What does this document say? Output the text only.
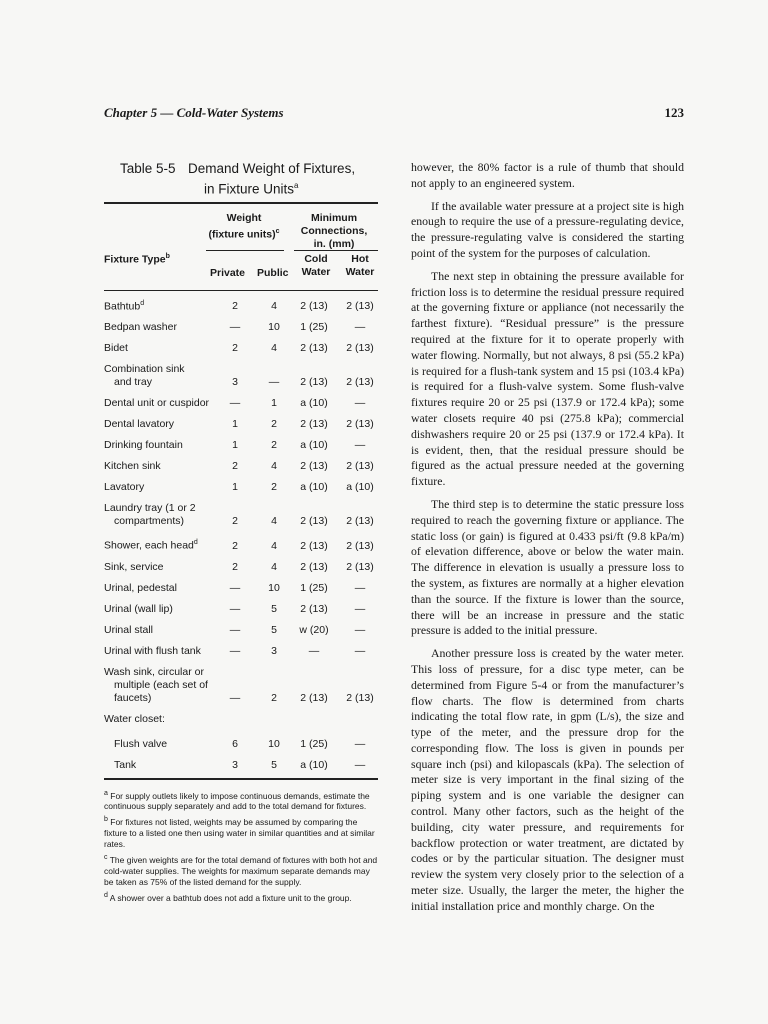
Chapter 5 — Cold-Water Systems	123
Table 5-5 Demand Weight of Fixtures,
in Fixture Units$^a$
Weight
(fixture units)$^c$
Minimum
Connections,
in. (mm)
Fixture Type$^b$
Private Public
Cold
Water
Hot
Water
Bathtub$^d$	2	4	2 (13)	2 (13)
Bedpan washer	—	10	1 (25)	—
Bidet	2	4	2 (13)	2 (13)
Combination sink
and tray	3	—	2 (13)	2 (13)
Dental unit or cuspidor	—	1	a (10)	—
Dental lavatory	1	2	2 (13)	2 (13)
Drinking fountain	1	2	a (10)	—
Kitchen sink	2	4	2 (13)	2 (13)
Lavatory	1	2	a (10)	a (10)
Laundry tray (1 or 2
compartments)	2	4	2 (13)	2 (13)
Shower, each head$^d$	2	4	2 (13)	2 (13)
Sink, service	2	4	2 (13)	2 (13)
Urinal, pedestal	—	10	1 (25)	—
Urinal (wall lip)	—	5	2 (13)	—
Urinal stall	—	5	w (20)	—
Urinal with flush tank	—	3	—	—
Wash sink, circular or
multiple (each set of
faucets)	—	2	2 (13)	2 (13)
Water closet:
Flush valve	6	10	1 (25)	—
Tank	3	5	a (10)	—
$^a$ For supply outlets likely to impose continuous demands, estimate the continuous supply separately and add to the total demand for fixtures.
$^b$ For fixtures not listed, weights may be assumed by comparing the fixture to a listed one then using water in similar quantities and at similar rates.
$^c$ The given weights are for the total demand of fixtures with both hot and cold-water supplies. The weights for maximum separate demands may be taken as 75% of the listed demand for the supply.
$^d$ A shower over a bathtub does not add a fixture unit to the group.

however, the 80% factor is a rule of thumb that should not apply to an engineered system.

If the available water pressure at a project site is high enough to require the use of a pressure-regulating device, the pressure-regulating valve is considered the starting point of the system for the purposes of calculation.

The next step in obtaining the pressure available for friction loss is to determine the residual pressure required at the governing fixture or appliance (not necessarily the farthest fixture). “Residual pressure” is the pressure required at the fixture for it to operate properly with water flowing. Normally, but not always, 8 psi (55.2 kPa) is required for a flush-tank system and 15 psi (103.4 kPa) is required for a flush-valve system. Some flush-valve fixtures require 20 or 25 psi (137.9 or 172.4 kPa); some water closets require 40 psi (275.8 kPa); commercial dishwashers require 20 or 25 psi (137.9 or 172.4 kPa). It is evident, then, that the residual pressure should be figured as the actual pressure needed at the governing fixture.

The third step is to determine the static pressure loss required to reach the governing fixture or appliance. The static loss (or gain) is figured at 0.433 psi/ft (9.8 kPa/m) of elevation difference, above or below the water main. The difference in elevation is usually a pressure loss to the system, as fixtures are normally at a higher elevation than the source. If the fixture is lower than the source, there will be an increase in pressure and the static pressure is added to the initial pressure.

Another pressure loss is created by the water meter. This loss of pressure, for a disc type meter, can be determined from Figure 5-4 or from the manufacturer’s flow charts. The flow is determined from charts indicating the total flow rate, in gpm (L/s), the size and type of the meter, and the pressure drop for the corresponding flow. The loss is given in pounds per square inch (psi) and kilopascals (kPa). The selection of meter size is very important in the final sizing of the piping system and is one variable the designer can control. Many other factors, such as the height of the building, city water pressure, and requirements for backflow protection or water treatment, are dictated by codes or by the particular situation. The designer must review the system very closely prior to the selection of a meter size. Usually, the larger the meter, the higher the initial installation price and monthly charge. On the
